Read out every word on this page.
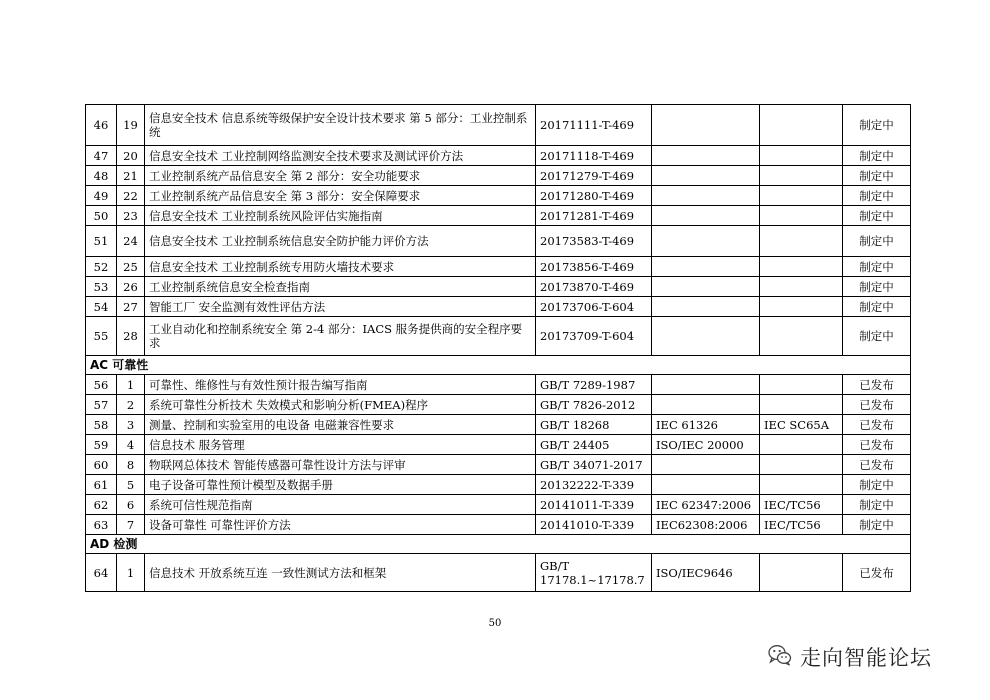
46	19	信息安全技术 信息系统等级保护安全设计技术要求 第 5 部分：工业控制系统	20171111-T-469			制定中
47	20	信息安全技术 工业控制网络监测安全技术要求及测试评价方法	20171118-T-469			制定中
48	21	工业控制系统产品信息安全 第 2 部分：安全功能要求	20171279-T-469			制定中
49	22	工业控制系统产品信息安全 第 3 部分：安全保障要求	20171280-T-469			制定中
50	23	信息安全技术 工业控制系统风险评估实施指南	20171281-T-469			制定中
51	24	信息安全技术 工业控制系统信息安全防护能力评价方法	20173583-T-469			制定中
52	25	信息安全技术 工业控制系统专用防火墙技术要求	20173856-T-469			制定中
53	26	工业控制系统信息安全检查指南	20173870-T-469			制定中
54	27	智能工厂 安全监测有效性评估方法	20173706-T-604			制定中
55	28	工业自动化和控制系统安全 第 2-4 部分：IACS 服务提供商的安全程序要求	20173709-T-604			制定中
AC 可靠性						
56	1	可靠性、维修性与有效性预计报告编写指南	GB/T 7289-1987			已发布
57	2	系统可靠性分析技术 失效模式和影响分析(FMEA)程序	GB/T 7826-2012			已发布
58	3	测量、控制和实验室用的电设备 电磁兼容性要求	GB/T 18268	IEC 61326	IEC SC65A	已发布
59	4	信息技术 服务管理	GB/T 24405	ISO/IEC 20000		已发布
60	8	物联网总体技术 智能传感器可靠性设计方法与评审	GB/T 34071-2017			已发布
61	5	电子设备可靠性预计模型及数据手册	20132222-T-339			制定中
62	6	系统可信性规范指南	20141011-T-339	IEC 62347:2006	IEC/TC56	制定中
63	7	设备可靠性 可靠性评价方法	20141010-T-339	IEC62308:2006	IEC/TC56	制定中
AD 检测						
64	1	信息技术 开放系统互连 一致性测试方法和框架	GB/T 17178.1~17178.7	ISO/IEC9646		已发布
50
走向智能论坛
